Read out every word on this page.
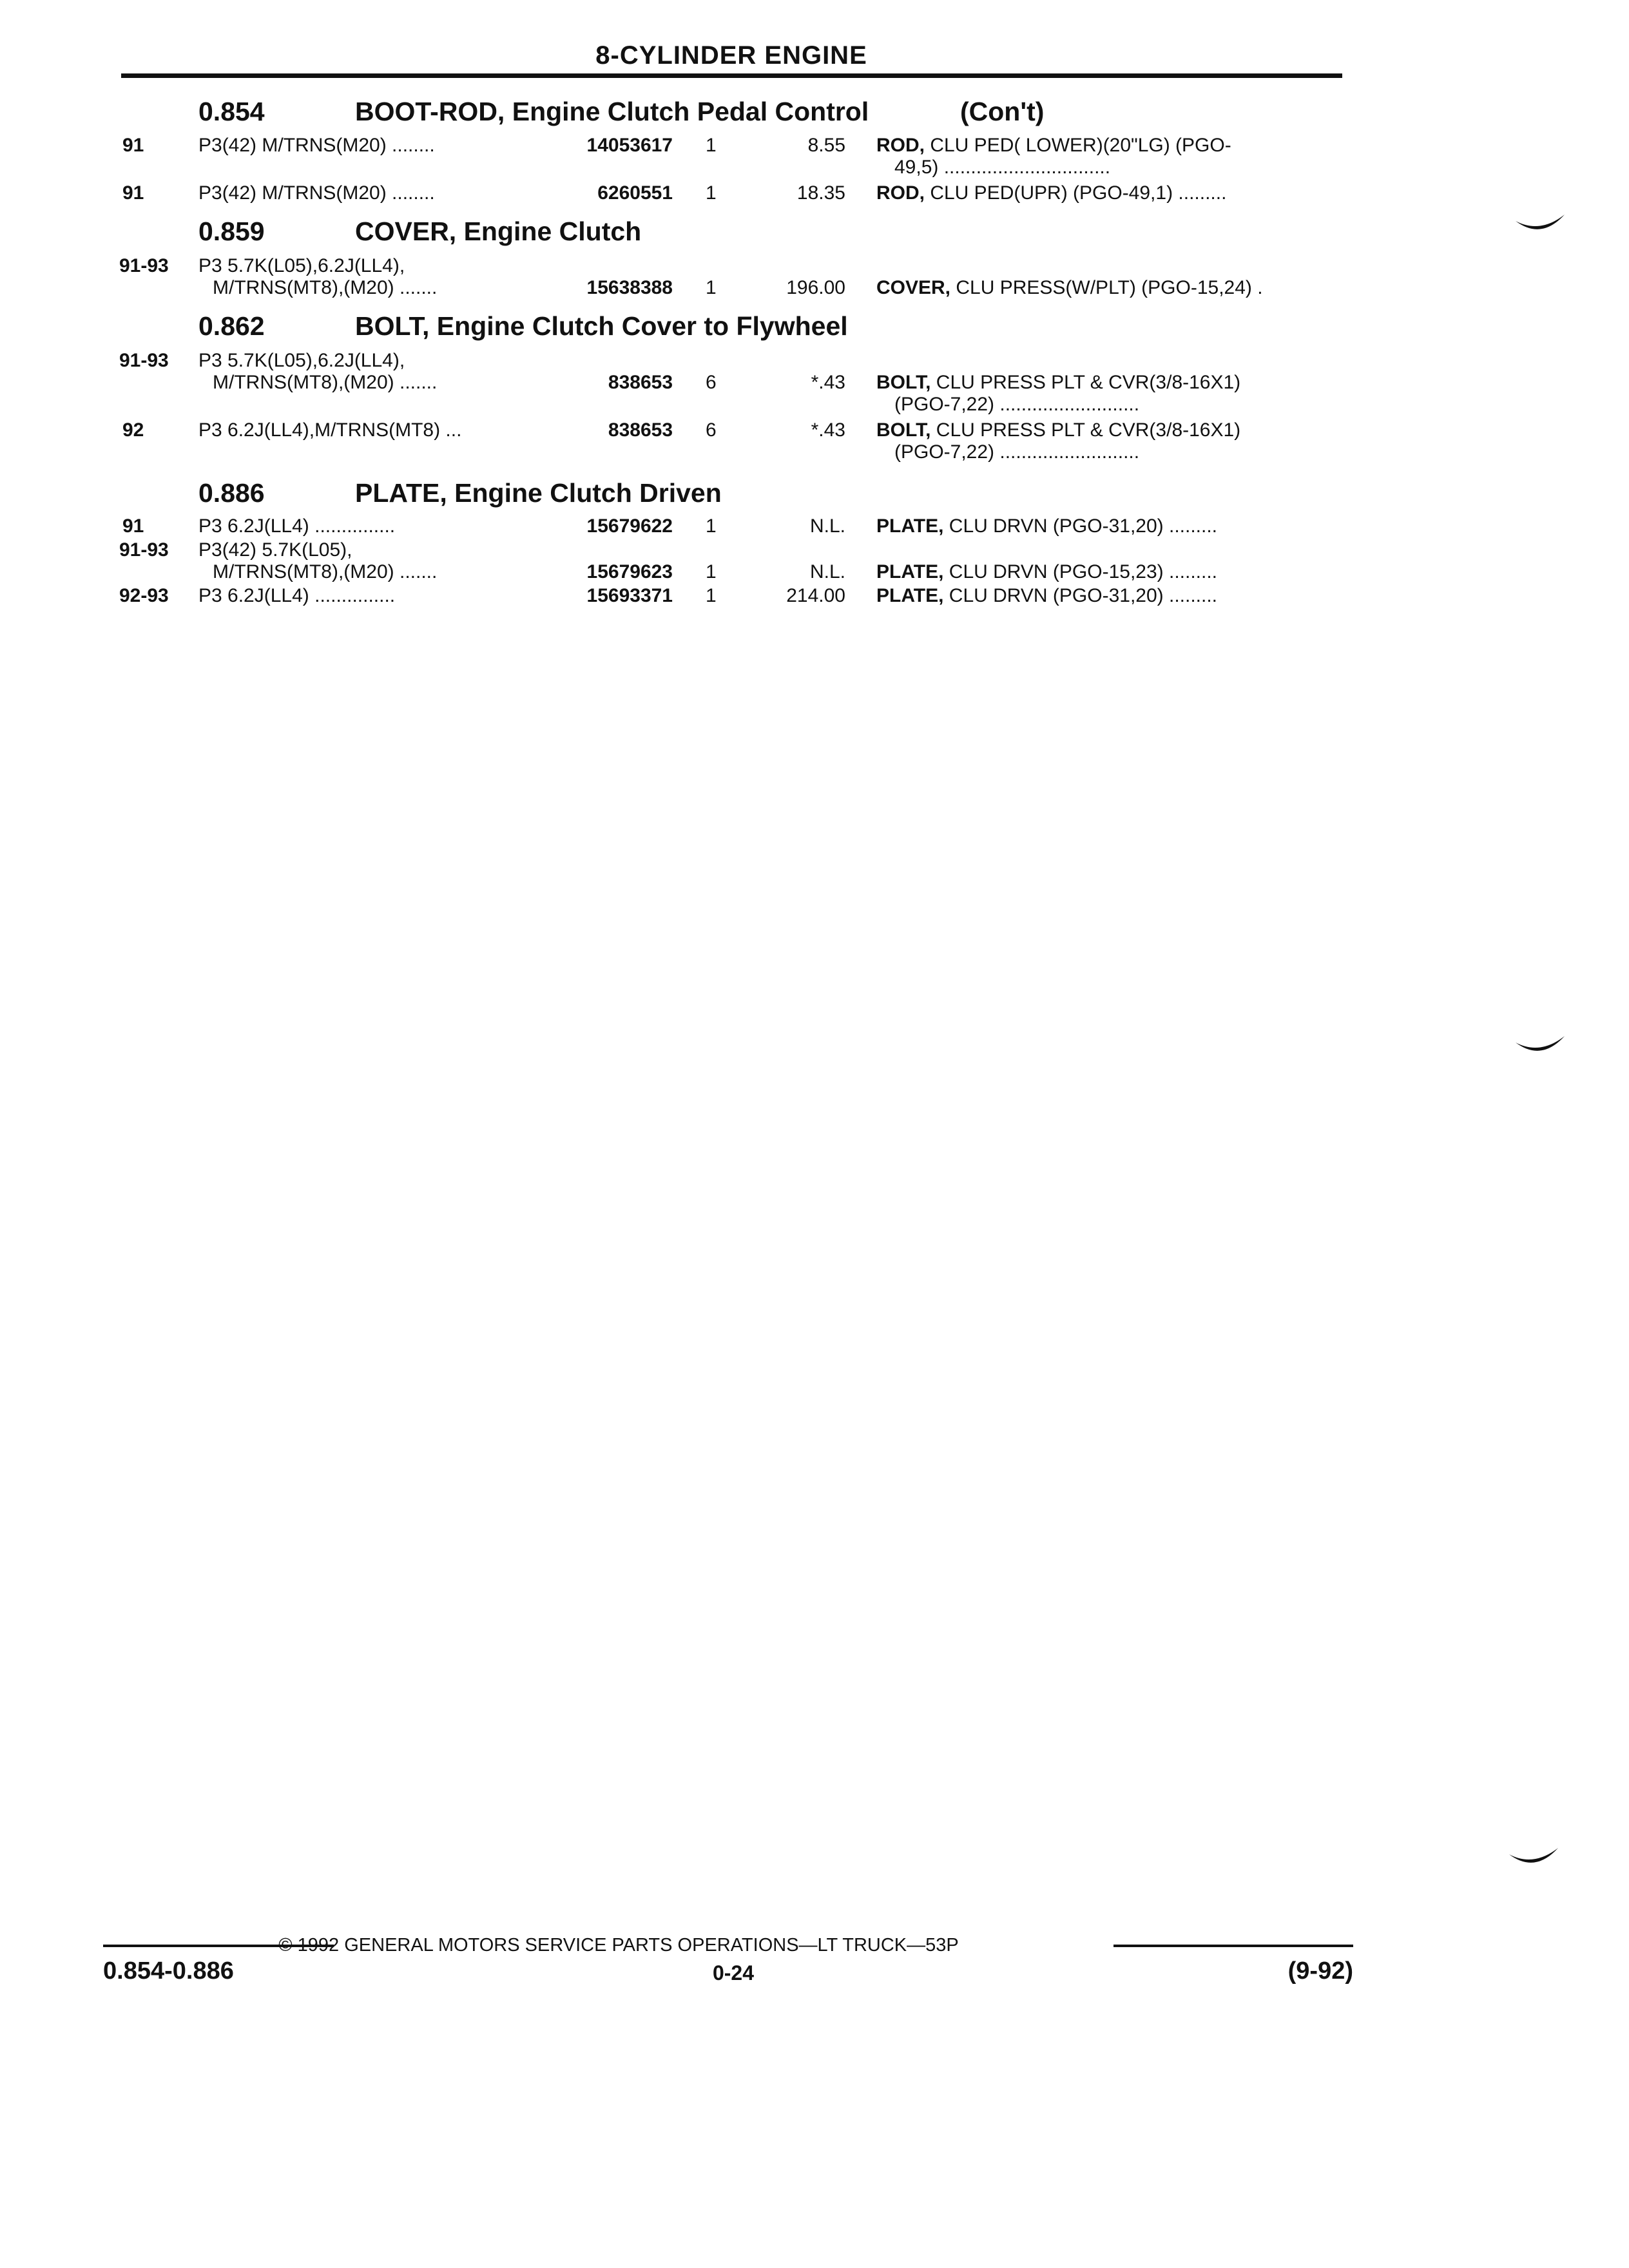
8-CYLINDER ENGINE
0.854	BOOT-ROD, Engine Clutch Pedal Control	(Con't)
91	P3(42) M/TRNS(M20) ........	14053617 1	8.55 ROD, CLU PED( LOWER)(20"LG) (PGO-
49,5) ...............................
91	P3(42) M/TRNS(M20) ........	6260551 1	18.35 ROD, CLU PED(UPR) (PGO-49,1) .........
0.859	COVER, Engine Clutch
91-93 P3 5.7K(L05),6.2J(LL4),
M/TRNS(MT8),(M20) .......	15638388 1	196.00 COVER, CLU PRESS(W/PLT) (PGO-15,24) .
0.862	BOLT, Engine Clutch Cover to Flywheel
91-93 P3 5.7K(L05),6.2J(LL4),
M/TRNS(MT8),(M20) .......	838653 6	*.43 BOLT, CLU PRESS PLT & CVR(3/8-16X1)
(PGO-7,22) ..........................
92	P3 6.2J(LL4),M/TRNS(MT8) ...	838653 6	*.43 BOLT, CLU PRESS PLT & CVR(3/8-16X1)
(PGO-7,22) ..........................
0.886	PLATE, Engine Clutch Driven
91	P3 6.2J(LL4) ...............	15679622 1	N.L. PLATE, CLU DRVN (PGO-31,20) .........
91-93 P3(42) 5.7K(L05),
M/TRNS(MT8),(M20) .......	15679623 1	N.L. PLATE, CLU DRVN (PGO-15,23) .........
92-93 P3 6.2J(LL4) ...............	15693371 1	214.00 PLATE, CLU DRVN (PGO-31,20) .........
© 1992 GENERAL MOTORS SERVICE PARTS OPERATIONS—LT TRUCK—53P
0.854-0.886	0-24	(9-92)
